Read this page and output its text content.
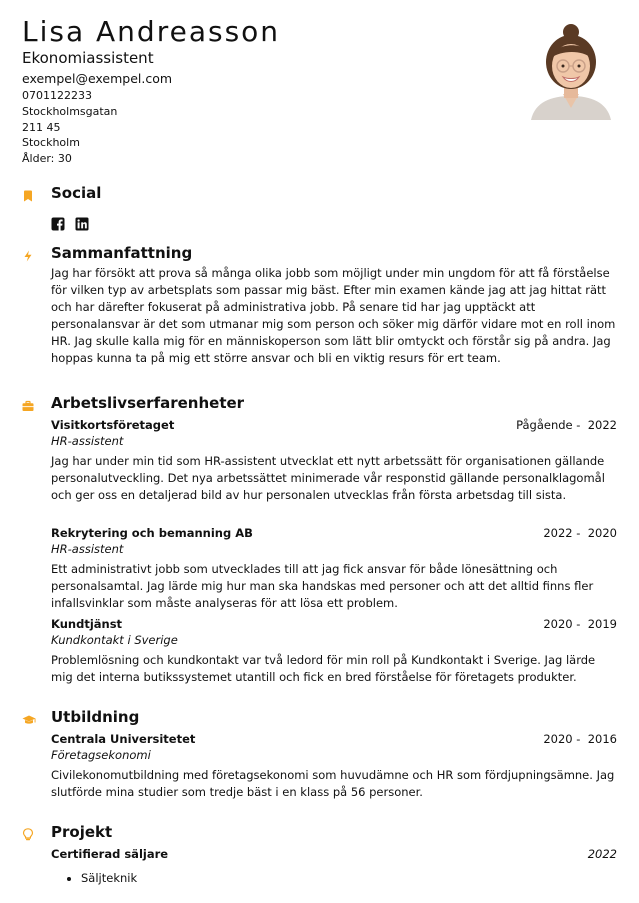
Lisa Andreasson
Ekonomiassistent
exempel@exempel.com
0701122233
Stockholmsgatan
211 45
Stockholm
Ålder: 30
Social
Sammanfattning

Jag har försökt att prova så många olika jobb som möjligt under min ungdom för att få förståelse för vilken typ av arbetsplats som passar mig bäst. Efter min examen kände jag att jag hittat rätt och har därefter fokuserat på administrativa jobb. På senare tid har jag upptäckt att personalansvar är det som utmanar mig som person och söker mig därför vidare mot en roll inom HR. Jag skulle kalla mig för en människoperson som lätt blir omtyckt och förstår sig på andra. Jag hoppas kunna ta på mig ett större ansvar och bli en viktig resurs för ert team.

Arbetslivserfarenheter
Visitkortsföretaget	Pågående -  2022
HR-assistent
Jag har under min tid som HR-assistent utvecklat ett nytt arbetssätt för organisationen gällande personalutveckling. Det nya arbetssättet minimerade vår responstid gällande personalklagomål och ger oss en detaljerad bild av hur personalen utvecklas från första arbetsdag till sista.
Rekrytering och bemanning AB	2022 -  2020
HR-assistent
Ett administrativt jobb som utvecklades till att jag fick ansvar för både lönesättning och personalsamtal. Jag lärde mig hur man ska handskas med personer och att det alltid finns fler infallsvinklar som måste analyseras för att lösa ett problem.
Kundtjänst	2020 -  2019
Kundkontakt i Sverige
Problemlösning och kundkontakt var två ledord för min roll på Kundkontakt i Sverige. Jag lärde mig det interna butikssystemet utantill och fick en bred förståelse för företagets produkter.
Utbildning
Centrala Universitetet	2020 -  2016
Företagsekonomi
Civilekonomutbildning med företagsekonomi som huvudämne och HR som fördjupningsämne. Jag slutförde mina studier som tredje bäst i en klass på 56 personer.
Projekt
Certifierad säljare	2022
• Säljteknik
